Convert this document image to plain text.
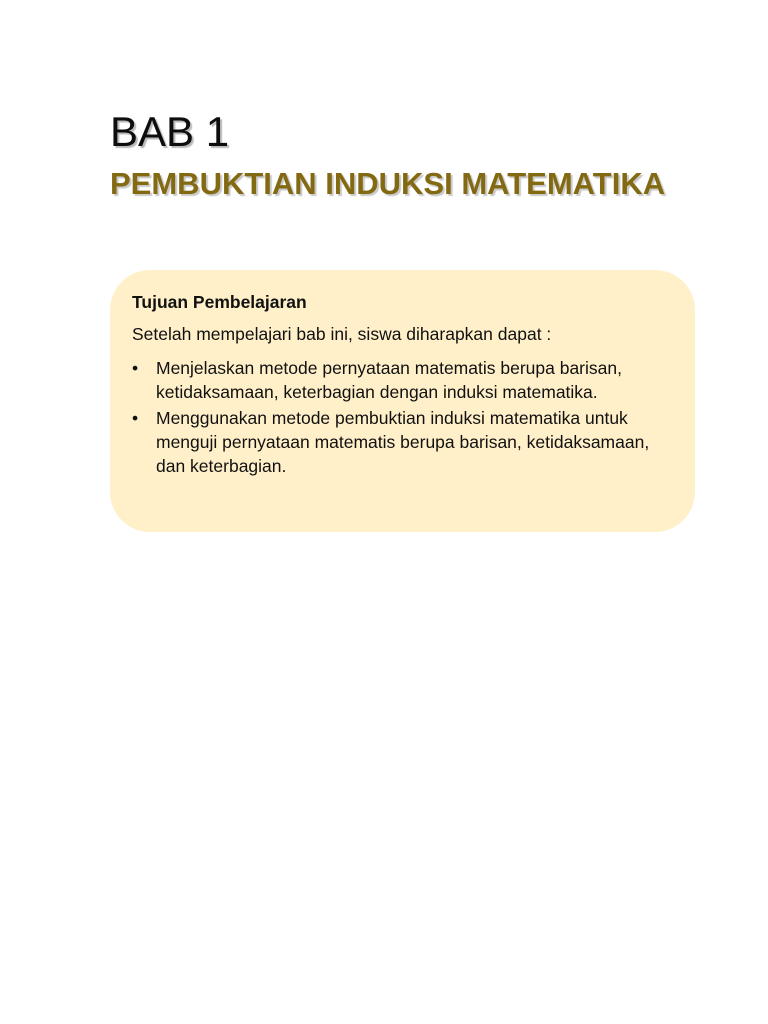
BAB 1
PEMBUKTIAN INDUKSI MATEMATIKA

Tujuan Pembelajaran

Setelah mempelajari bab ini, siswa diharapkan dapat :

•	Menjelaskan metode pernyataan matematis berupa barisan, ketidaksamaan, keterbagian dengan induksi matematika.
•	Menggunakan metode pembuktian induksi matematika untuk menguji pernyataan matematis berupa barisan, ketidaksamaan, dan keterbagian.
